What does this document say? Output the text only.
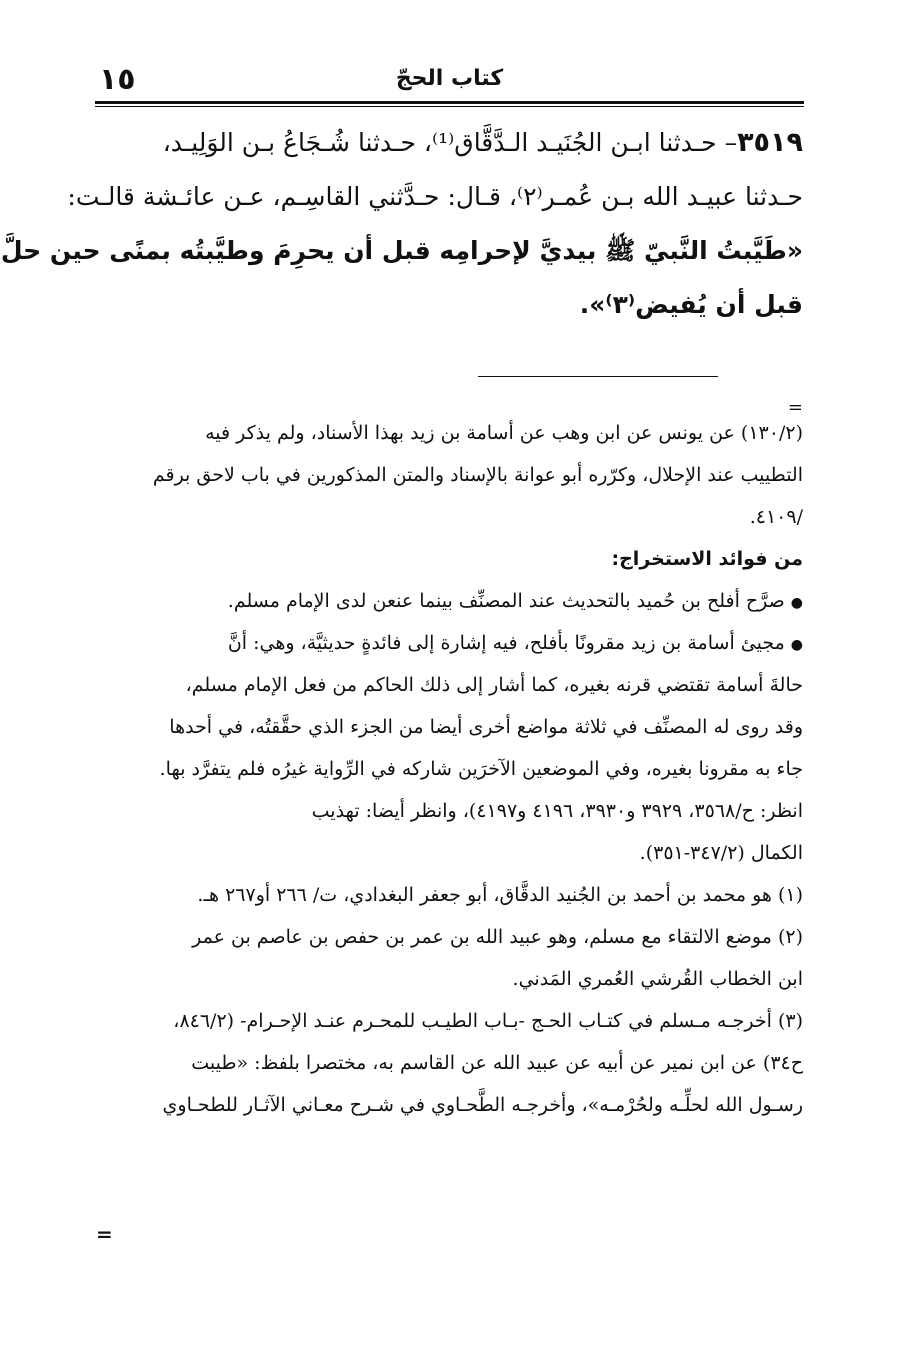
١٥	كتاب الحجّ
٣٥١٩– حـدثنا ابـن الجُنَيـد الـدَّقَّاق⁽¹⁾، حـدثنا شُـجَاعُ بـن الوَلِيـد،
حـدثنا عبيـد الله بـن عُمـر⁽٢⁾، قـال: حـدَّثني القاسِـم، عـن عائـشة قالـت:
«طَيَّبتُ النَّبيّ ﷺ بيديَّ لإحرامِه قبل أن يحرِمَ وطيَّبتُه بمنًى حين حلَّ
قبل أن يُفيض⁽٣⁾».
=
(١٣٠/٢) عن يونس عن ابن وهب عن أسامة بن زيد بهذا الأسناد، ولم يذكر فيه
التطييب عند الإحلال، وكرّره أبو عوانة بالإسناد والمتن المذكورين في باب لاحق برقم
/٤١٠٩.
من فوائد الاستخراج:
●صرَّح أفلح بن حُميد بالتحديث عند المصنِّف بينما عنعن لدى الإمام مسلم.
●مجيئ أسامة بن زيد مقرونًا بأفلح، فيه إشارة إلى فائدةٍ حديثيَّة، وهي: أنَّ
حالةَ أسامة تقتضي قرنه بغيره، كما أشار إلى ذلك الحاكم من فعل الإمام مسلم،
وقد روى له المصنِّف في ثلاثة مواضع أخرى أيضا من الجزء الذي حقَّقتُه، في أحدها
جاء به مقرونا بغيره، وفي الموضعين الآخرَين شاركه في الرِّواية غيرُه فلم يتفرَّد بها.
انظر: ح/٣٥٦٨، ٣٩٢٩ و٣٩٣٠، ٤١٩٦ و٤١٩٧)، وانظر أيضا: تهذيب
الكمال (٣٤٧/٢-٣٥١).
(١) هو محمد بن أحمد بن الجُنيد الدقَّاق، أبو جعفر البغدادي، ت/ ٢٦٦ أو٢٦٧ هـ.
(٢) موضع الالتقاء مع مسلم، وهو عبيد الله بن عمر بن حفص بن عاصم بن عمر
ابن الخطاب القُرشي العُمري المَدني.
(٣) أخرجـه مـسلم في كتـاب الحـج -بـاب الطيـب للمحـرم عنـد الإحـرام- (٨٤٦/٢،
ح٣٤) عن ابن نمير عن أبيه عن عبيد الله عن القاسم به، مختصرا بلفظ: «طيبت
رسـول الله لحلِّـه ولحُرْمـه»، وأخرجـه الطَّحـاوي في شـرح معـاني الآثـار للطحـاوي
=
